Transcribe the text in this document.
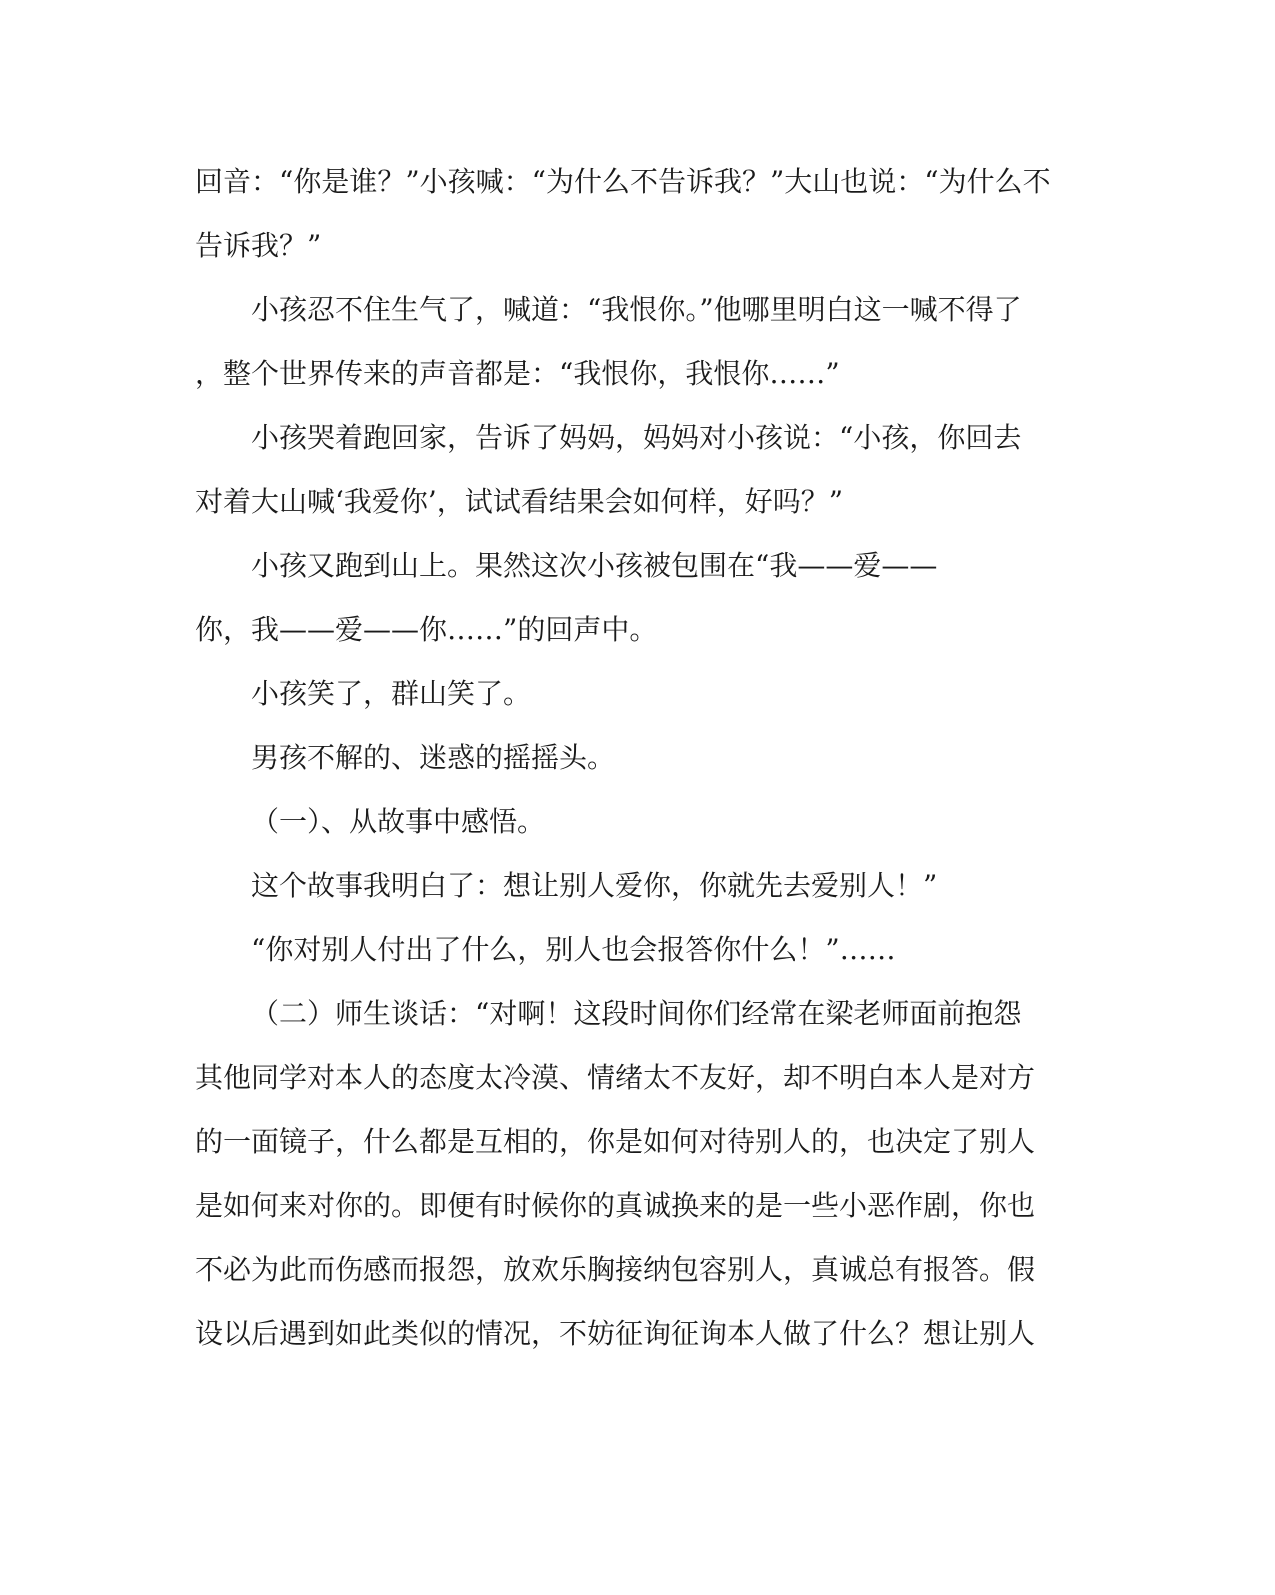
回音：“你是谁？”小孩喊：“为什么不告诉我？”大山也说：“为什么不
告诉我？”
小孩忍不住生气了，喊道：“我恨你。”他哪里明白这一喊不得了
，整个世界传来的声音都是：“我恨你，我恨你……”
小孩哭着跑回家，告诉了妈妈，妈妈对小孩说：“小孩，你回去
对着大山喊‘我爱你’，试试看结果会如何样，好吗？”
小孩又跑到山上。果然这次小孩被包围在“我——爱——
你，我——爱——你……”的回声中。
小孩笑了，群山笑了。
男孩不解的、迷惑的摇摇头。
（一）、从故事中感悟。
这个故事我明白了：想让别人爱你，你就先去爱别人！”
“你对别人付出了什么，别人也会报答你什么！”……
（二）师生谈话：“对啊！这段时间你们经常在梁老师面前抱怨
其他同学对本人的态度太冷漠、情绪太不友好，却不明白本人是对方
的一面镜子，什么都是互相的，你是如何对待别人的，也决定了别人
是如何来对你的。即便有时候你的真诚换来的是一些小恶作剧，你也
不必为此而伤感而报怨，放欢乐胸接纳包容别人，真诚总有报答。假
设以后遇到如此类似的情况，不妨征询征询本人做了什么？想让别人
